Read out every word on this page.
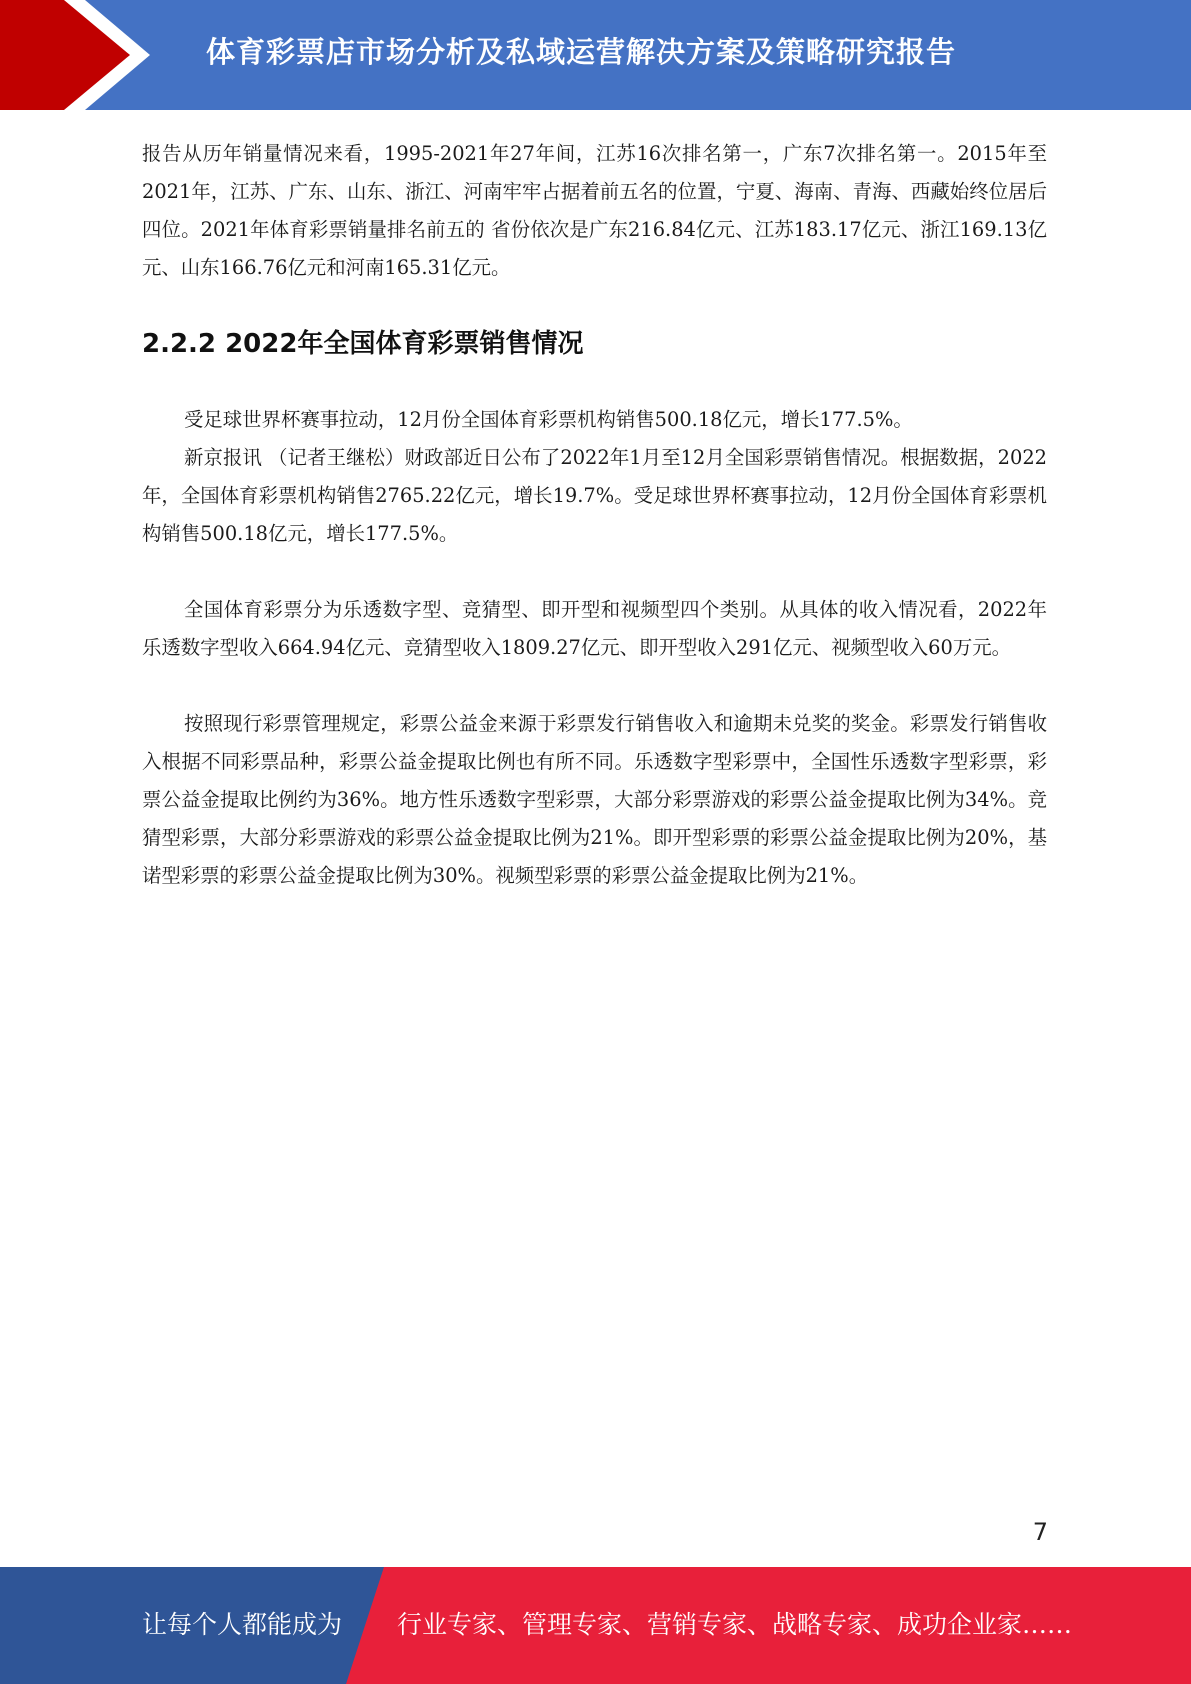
体育彩票店市场分析及私域运营解决方案及策略研究报告

报告从历年销量情况来看，1995-2021年27年间，江苏16次排名第一，广东7次排名第一。2015年至2021年，江苏、广东、山东、浙江、河南牢牢占据着前五名的位置，宁夏、海南、青海、西藏始终位居后四位。2021年体育彩票销量排名前五的 省份依次是广东216.84亿元、江苏183.17亿元、浙江169.13亿元、山东166.76亿元和河南165.31亿元。

2.2.2 2022年全国体育彩票销售情况

受足球世界杯赛事拉动，12月份全国体育彩票机构销售500.18亿元，增长177.5%。

新京报讯 （记者王继松）财政部近日公布了2022年1月至12月全国彩票销售情况。根据数据，2022年，全国体育彩票机构销售2765.22亿元，增长19.7%。受足球世界杯赛事拉动，12月份全国体育彩票机构销售500.18亿元，增长177.5%。

全国体育彩票分为乐透数字型、竞猜型、即开型和视频型四个类别。从具体的收入情况看，2022年乐透数字型收入664.94亿元、竞猜型收入1809.27亿元、即开型收入291亿元、视频型收入60万元。

按照现行彩票管理规定，彩票公益金来源于彩票发行销售收入和逾期未兑奖的奖金。彩票发行销售收入根据不同彩票品种，彩票公益金提取比例也有所不同。乐透数字型彩票中，全国性乐透数字型彩票，彩票公益金提取比例约为36%。地方性乐透数字型彩票，大部分彩票游戏的彩票公益金提取比例为34%。竞猜型彩票，大部分彩票游戏的彩票公益金提取比例为21%。即开型彩票的彩票公益金提取比例为20%，基诺型彩票的彩票公益金提取比例为30%。视频型彩票的彩票公益金提取比例为21%。

7
让每个人都能成为 行业专家、管理专家、营销专家、战略专家、成功企业家……
